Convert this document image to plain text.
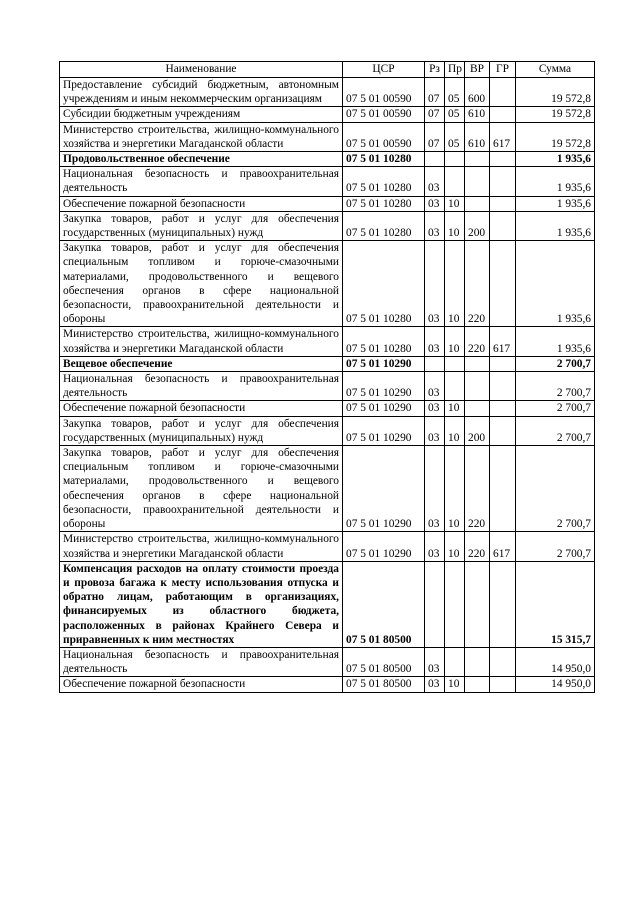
Наименование	ЦСР	Рз	Пр	ВР	ГР	Сумма
Предоставление субсидий бюджетным, автономным учреждениям и иным некоммерческим организациям	07 5 01 00590	07	05	600		19 572,8
Субсидии бюджетным учреждениям	07 5 01 00590	07	05	610		19 572,8
Министерство строительства, жилищно-коммунального хозяйства и энергетики Магаданской области	07 5 01 00590	07	05	610	617	19 572,8
Продовольственное обеспечение	07 5 01 10280					1 935,6
Национальная безопасность и правоохранительная деятельность	07 5 01 10280	03				1 935,6
Обеспечение пожарной безопасности	07 5 01 10280	03	10			1 935,6
Закупка товаров, работ и услуг для обеспечения государственных (муниципальных) нужд	07 5 01 10280	03	10	200		1 935,6
Закупка товаров, работ и услуг для обеспечения специальным топливом и горюче-смазочными материалами, продовольственного и вещевого обеспечения органов в сфере национальной безопасности, правоохранительной деятельности и обороны	07 5 01 10280	03	10	220		1 935,6
Министерство строительства, жилищно-коммунального хозяйства и энергетики Магаданской области	07 5 01 10280	03	10	220	617	1 935,6
Вещевое обеспечение	07 5 01 10290					2 700,7
Национальная безопасность и правоохранительная деятельность	07 5 01 10290	03				2 700,7
Обеспечение пожарной безопасности	07 5 01 10290	03	10			2 700,7
Закупка товаров, работ и услуг для обеспечения государственных (муниципальных) нужд	07 5 01 10290	03	10	200		2 700,7
Закупка товаров, работ и услуг для обеспечения специальным топливом и горюче-смазочными материалами, продовольственного и вещевого обеспечения органов в сфере национальной безопасности, правоохранительной деятельности и обороны	07 5 01 10290	03	10	220		2 700,7
Министерство строительства, жилищно-коммунального хозяйства и энергетики Магаданской области	07 5 01 10290	03	10	220	617	2 700,7
Компенсация расходов на оплату стоимости проезда и провоза багажа к месту использования отпуска и обратно лицам, работающим в организациях, финансируемых из областного бюджета, расположенных в районах Крайнего Севера и приравненных к ним местностях	07 5 01 80500					15 315,7
Национальная безопасность и правоохранительная деятельность	07 5 01 80500	03				14 950,0
Обеспечение пожарной безопасности	07 5 01 80500	03	10			14 950,0
